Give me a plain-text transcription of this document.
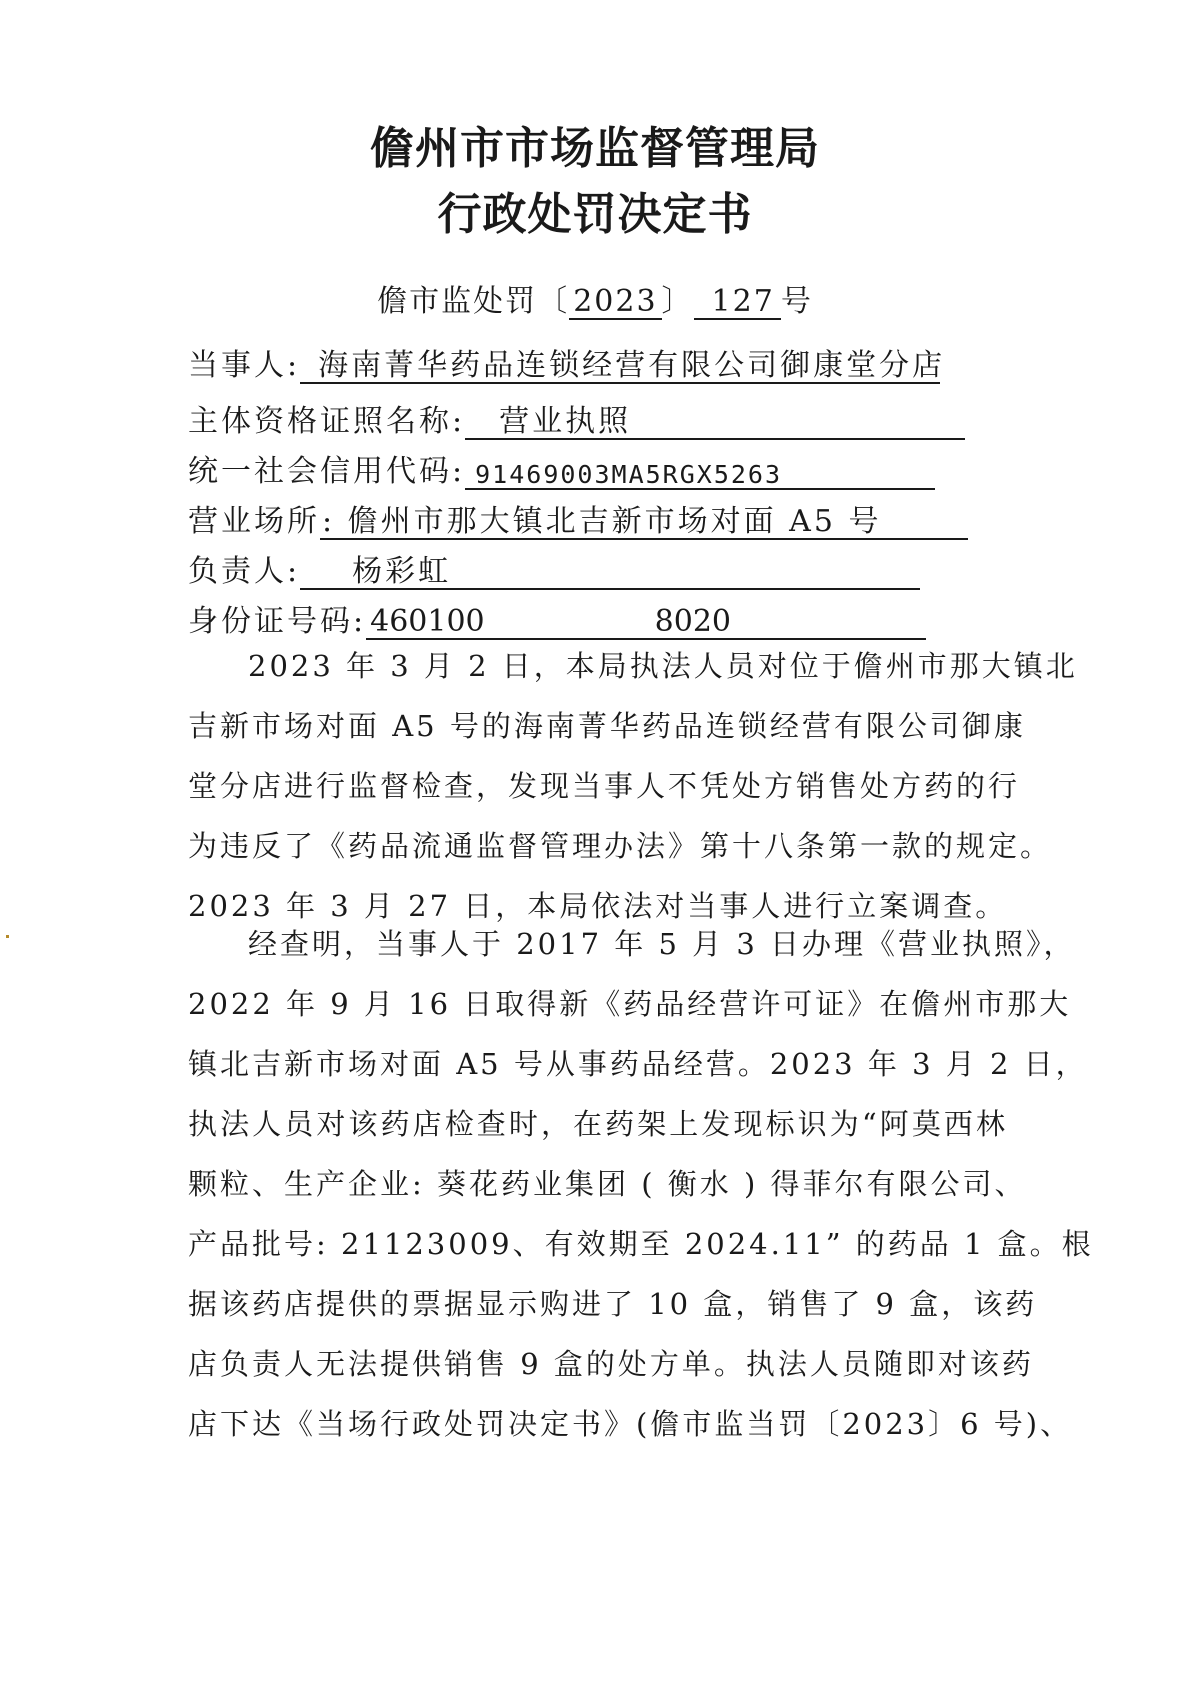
儋州市市场监督管理局
行政处罚决定书
儋市监处罚〔 2023 〕 127 号
当事人: 海南菁华药品连锁经营有限公司御康堂分店
主体资格证照名称: 营业执照
统一社会信用代码: 91469003MA5RGX5263
营业场所: 儋州市那大镇北吉新市场对面 A5 号
负责人: 杨彩虹
身份证号码: 460100	8020
2023 年 3 月 2 日，本局执法人员对位于儋州市那大镇北
吉新市场对面 A5 号的海南菁华药品连锁经营有限公司御康
堂分店进行监督检查，发现当事人不凭处方销售处方药的行
为违反了《药品流通监督管理办法》第十八条第一款的规定。
2023 年 3 月 27 日，本局依法对当事人进行立案调查。
经查明，当事人于 2017 年 5 月 3 日办理《营业执照》，
2022 年 9 月 16 日取得新《药品经营许可证》在儋州市那大
镇北吉新市场对面 A5 号从事药品经营。2023 年 3 月 2 日，
执法人员对该药店检查时，在药架上发现标识为“阿莫西林
颗粒、生产企业: 葵花药业集团 ( 衡水 ) 得菲尔有限公司、
产品批号: 21123009、有效期至 2024.11” 的药品 1 盒。根
据该药店提供的票据显示购进了 10 盒，销售了 9 盒，该药
店负责人无法提供销售 9 盒的处方单。执法人员随即对该药
店下达《当场行政处罚决定书》(儋市监当罚〔2023〕6 号)、
